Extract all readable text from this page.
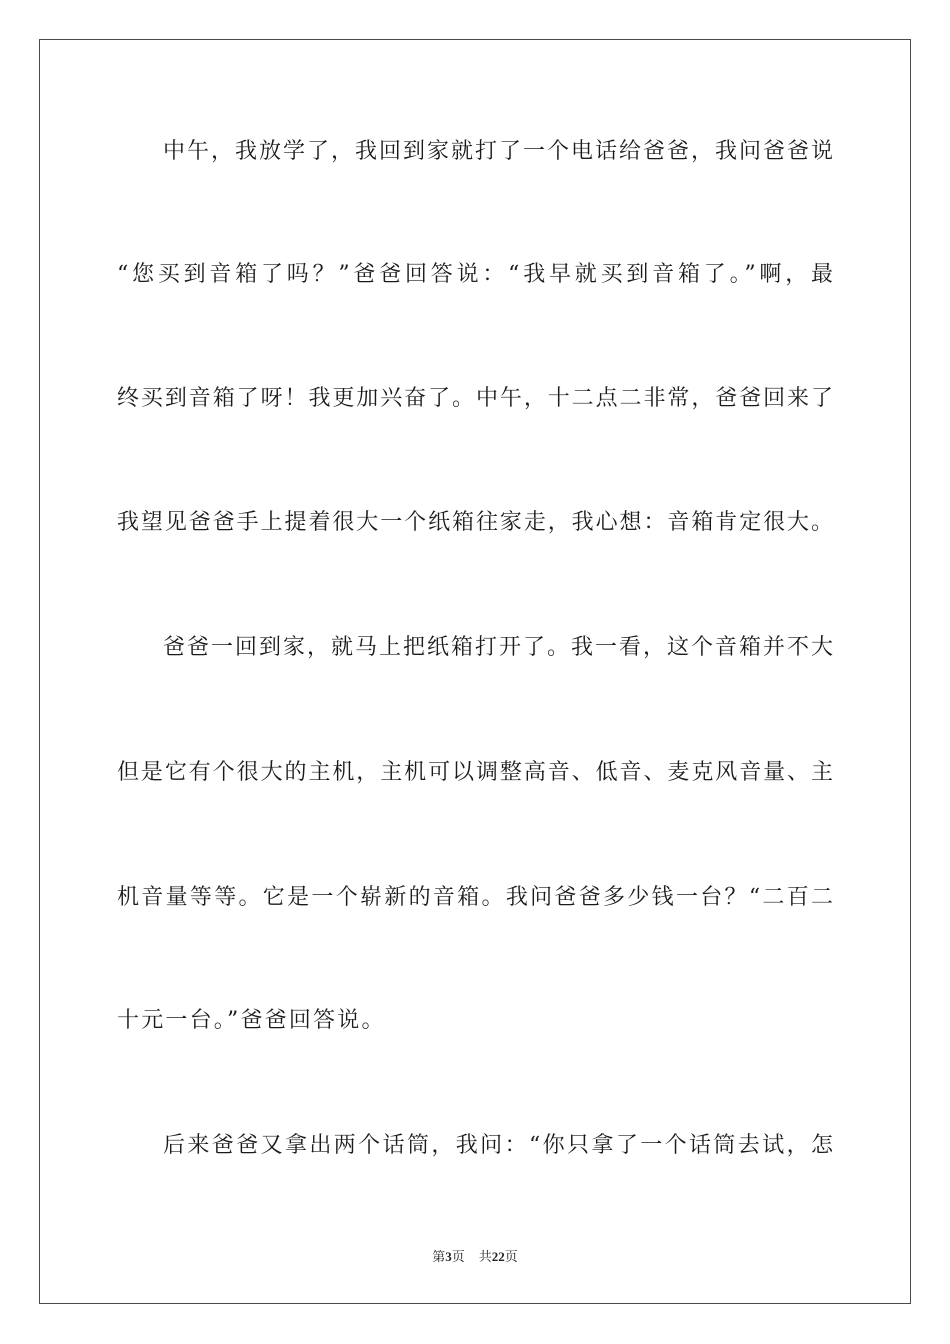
中午，我放学了，我回到家就打了一个电话给爸爸，我问爸爸说
“您买到音箱了吗？”爸爸回答说：“我早就买到音箱了。”啊，最
终买到音箱了呀！我更加兴奋了。中午，十二点二非常，爸爸回来了
我望见爸爸手上提着很大一个纸箱往家走，我心想：音箱肯定很大。
爸爸一回到家，就马上把纸箱打开了。我一看，这个音箱并不大
但是它有个很大的主机，主机可以调整高音、低音、麦克风音量、主
机音量等等。它是一个崭新的音箱。我问爸爸多少钱一台？“二百二
十元一台。”爸爸回答说。
后来爸爸又拿出两个话筒，我问：“你只拿了一个话筒去试，怎
第3页 共22页
